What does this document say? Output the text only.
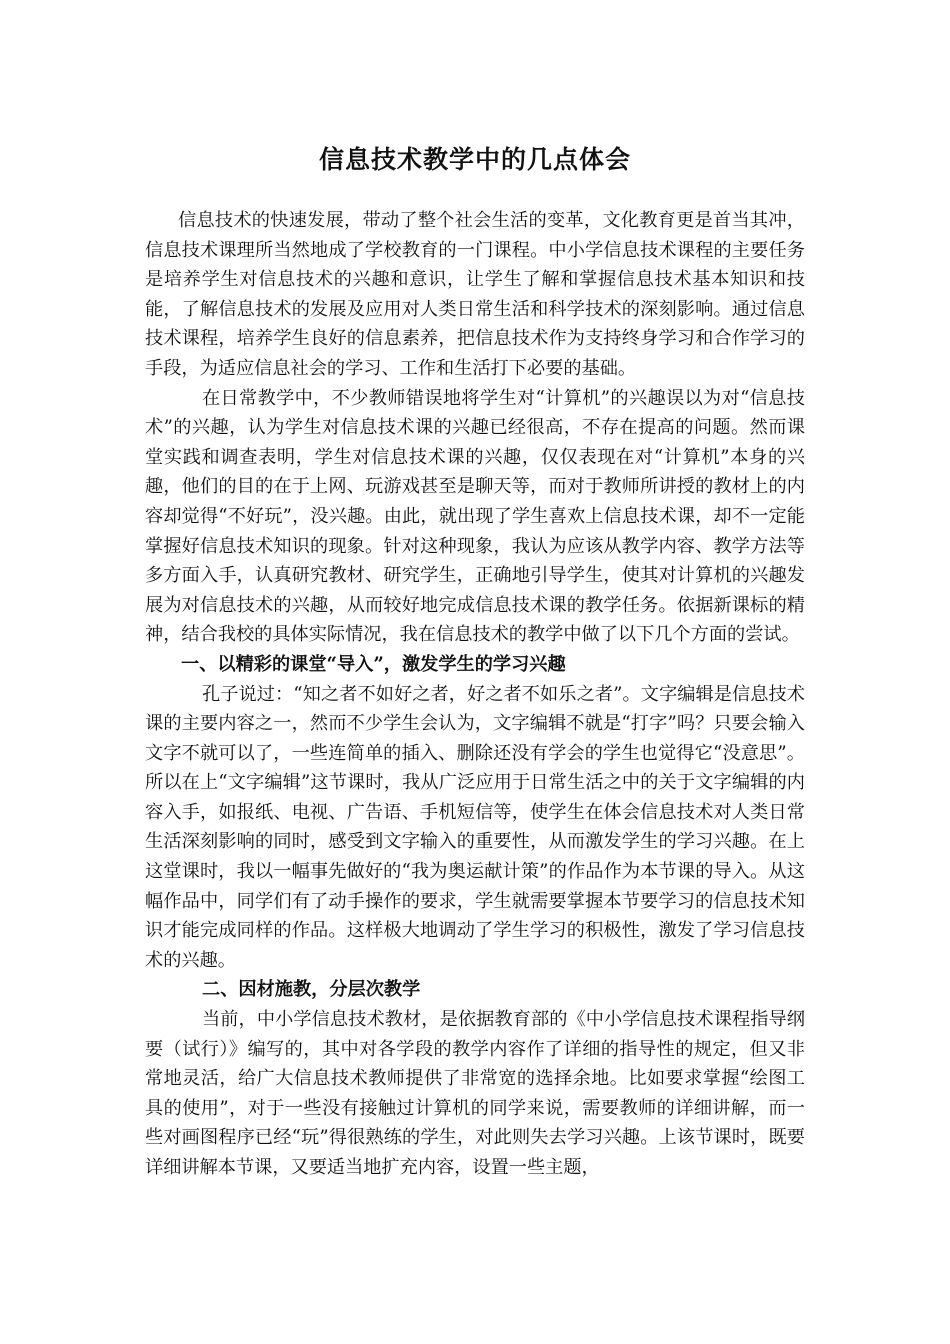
信息技术教学中的几点体会

信息技术的快速发展，带动了整个社会生活的变革，文化教育更是首当其冲，信息技术课理所当然地成了学校教育的一门课程。中小学信息技术课程的主要任务是培养学生对信息技术的兴趣和意识，让学生了解和掌握信息技术基本知识和技能，了解信息技术的发展及应用对人类日常生活和科学技术的深刻影响。通过信息技术课程，培养学生良好的信息素养，把信息技术作为支持终身学习和合作学习的手段，为适应信息社会的学习、工作和生活打下必要的基础。

在日常教学中，不少教师错误地将学生对“计算机”的兴趣误以为对“信息技术”的兴趣，认为学生对信息技术课的兴趣已经很高，不存在提高的问题。然而课堂实践和调查表明，学生对信息技术课的兴趣，仅仅表现在对“计算机”本身的兴趣，他们的目的在于上网、玩游戏甚至是聊天等，而对于教师所讲授的教材上的内容却觉得“不好玩”，没兴趣。由此，就出现了学生喜欢上信息技术课，却不一定能掌握好信息技术知识的现象。针对这种现象，我认为应该从教学内容、教学方法等多方面入手，认真研究教材、研究学生，正确地引导学生，使其对计算机的兴趣发展为对信息技术的兴趣，从而较好地完成信息技术课的教学任务。依据新课标的精神，结合我校的具体实际情况，我在信息技术的教学中做了以下几个方面的尝试。

一、以精彩的课堂“导入”，激发学生的学习兴趣

孔子说过：“知之者不如好之者，好之者不如乐之者”。文字编辑是信息技术课的主要内容之一，然而不少学生会认为，文字编辑不就是“打字”吗？只要会输入文字不就可以了，一些连简单的插入、删除还没有学会的学生也觉得它“没意思”。所以在上“文字编辑”这节课时，我从广泛应用于日常生活之中的关于文字编辑的内容入手，如报纸、电视、广告语、手机短信等，使学生在体会信息技术对人类日常生活深刻影响的同时，感受到文字输入的重要性，从而激发学生的学习兴趣。在上这堂课时，我以一幅事先做好的“我为奥运献计策”的作品作为本节课的导入。从这幅作品中，同学们有了动手操作的要求，学生就需要掌握本节要学习的信息技术知识才能完成同样的作品。这样极大地调动了学生学习的积极性，激发了学习信息技术的兴趣。

二、因材施教，分层次教学

当前，中小学信息技术教材，是依据教育部的《中小学信息技术课程指导纲要（试行）》编写的，其中对各学段的教学内容作了详细的指导性的规定，但又非常地灵活，给广大信息技术教师提供了非常宽的选择余地。比如要求掌握“绘图工具的使用”，对于一些没有接触过计算机的同学来说，需要教师的详细讲解，而一些对画图程序已经“玩”得很熟练的学生，对此则失去学习兴趣。上该节课时，既要详细讲解本节课，又要适当地扩充内容，设置一些主题，
